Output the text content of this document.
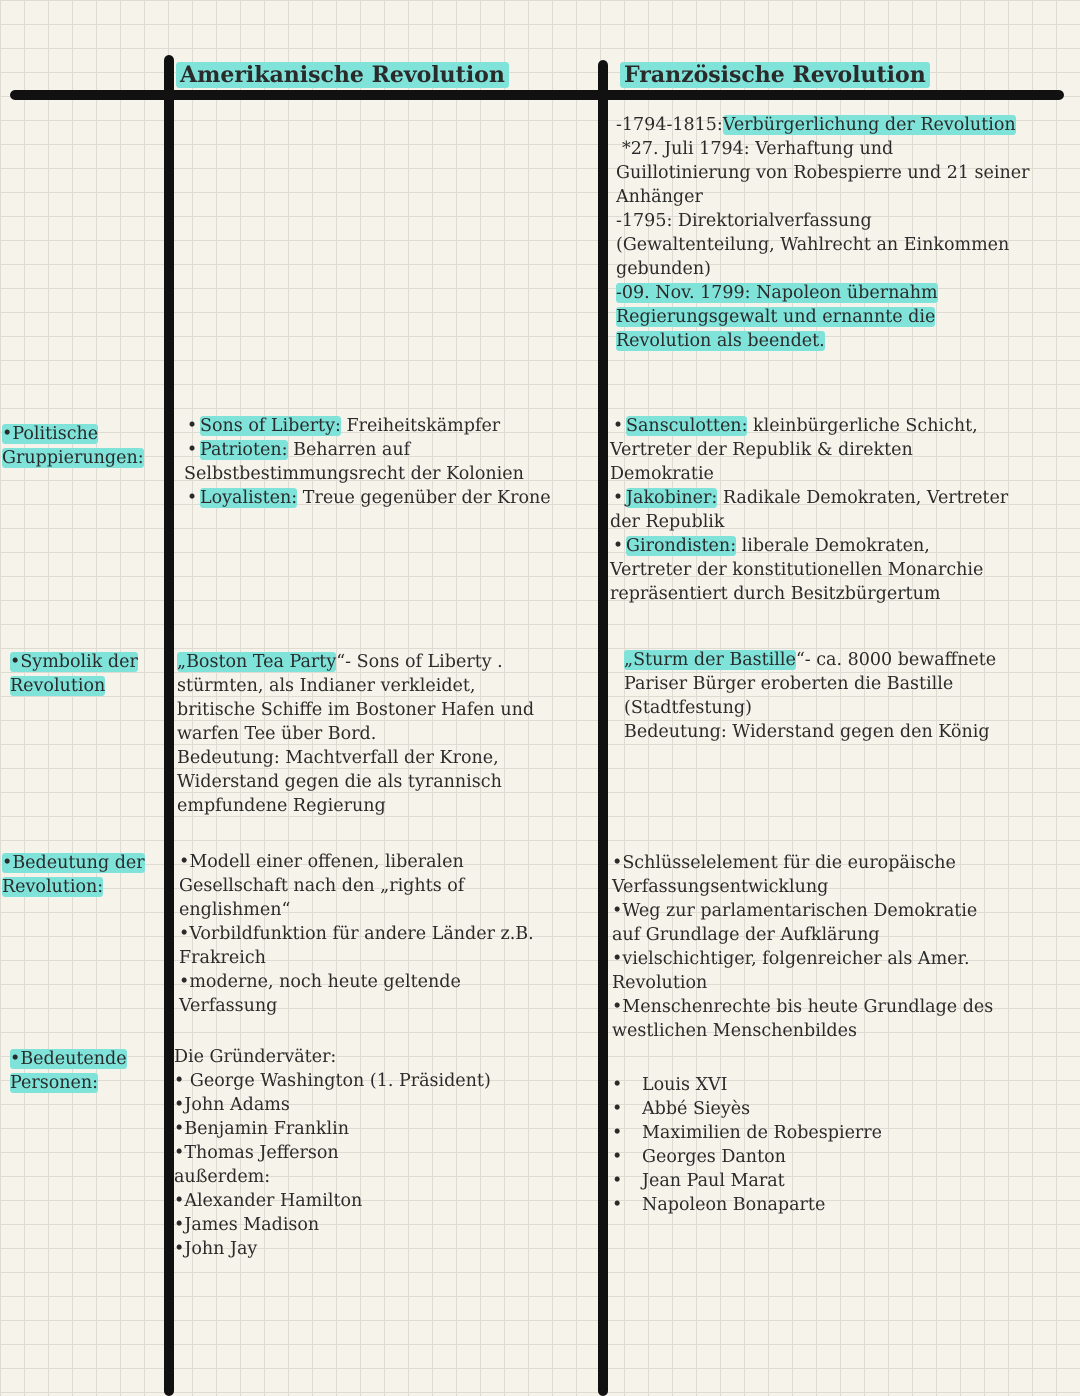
Amerikanische Revolution	Französische Revolution

-1794-1815:Verbürgerlichung der Revolution

*27. Juli 1794: Verhaftung und

Guillotinierung von Robespierre und 21 seiner

Anhänger

-1795: Direktorialverfassung

(Gewaltenteilung, Wahlrecht an Einkommen

gebunden)

-09. Nov. 1799: Napoleon übernahm

Regierungsgewalt und ernannte die

Revolution als beendet.

•Politische
Gruppierungen:
•Symbolik der
Revolution
•Bedeutung der
Revolution:
•Bedeutende
Personen:

• Sons of Liberty: Freiheitskämpfer

• Patrioten: Beharren auf

Selbstbestimmungsrecht der Kolonien

• Loyalisten: Treue gegenüber der Krone

• Sansculotten: kleinbürgerliche Schicht,

Vertreter der Republik & direkten

Demokratie

• Jakobiner: Radikale Demokraten, Vertreter

der Republik

• Girondisten: liberale Demokraten,

Vertreter der konstitutionellen Monarchie

repräsentiert durch Besitzbürgertum

„Boston Tea Party“- Sons of Liberty .

stürmten, als Indianer verkleidet,

britische Schiffe im Bostoner Hafen und

warfen Tee über Bord.

Bedeutung: Machtverfall der Krone,

Widerstand gegen die als tyrannisch

empfundene Regierung

„Sturm der Bastille“- ca. 8000 bewaffnete

Pariser Bürger eroberten die Bastille

(Stadtfestung)

Bedeutung: Widerstand gegen den König

•Modell einer offenen, liberalen

Gesellschaft nach den „rights of

englishmen“

•Vorbildfunktion für andere Länder z.B.

Frakreich

•moderne, noch heute geltende

Verfassung

•Schlüsselelement für die europäische

Verfassungsentwicklung

•Weg zur parlamentarischen Demokratie

auf Grundlage der Aufklärung

•vielschichtiger, folgenreicher als Amer.

Revolution

•Menschenrechte bis heute Grundlage des

westlichen Menschenbildes

Die Gründerväter:

• George Washington (1. Präsident)

•John Adams

•Benjamin Franklin

•Thomas Jefferson

außerdem:

•Alexander Hamilton

•James Madison

•John Jay

• Louis XVI

• Abbé Sieyès

• Maximilien de Robespierre

• Georges Danton

• Jean Paul Marat

• Napoleon Bonaparte
